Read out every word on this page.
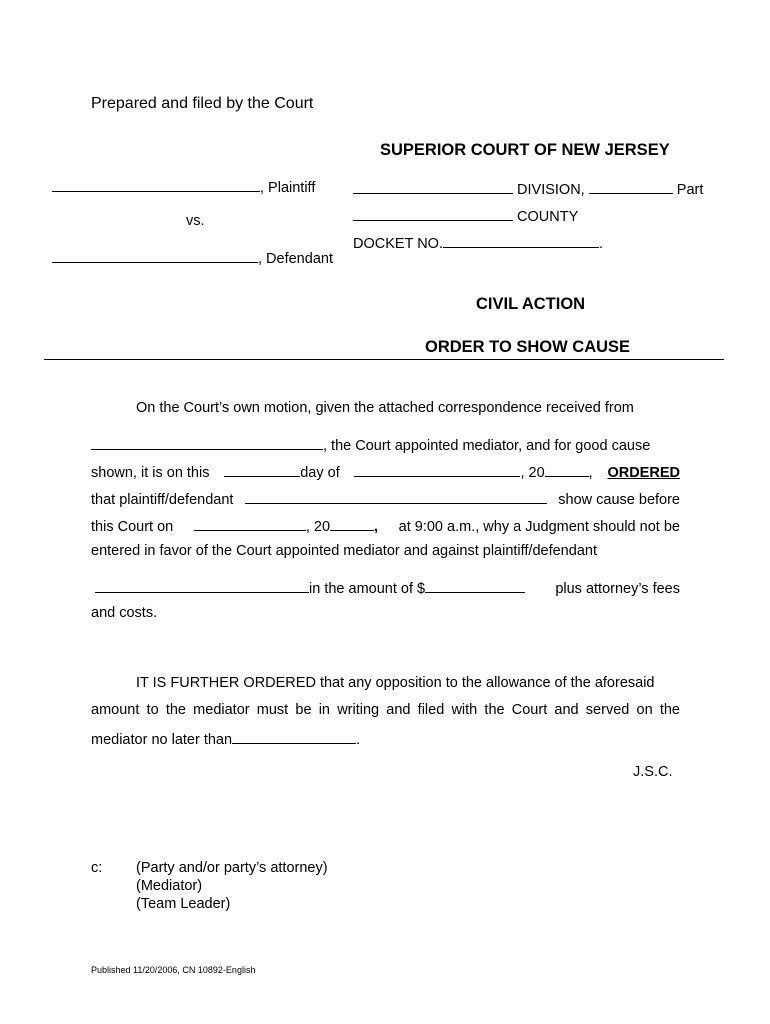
Prepared and filed by the Court
SUPERIOR COURT OF NEW JERSEY
, Plaintiff
vs.
, Defendant
DIVISION,	Part
COUNTY
DOCKET NO.	.
CIVIL ACTION
ORDER TO SHOW CAUSE
On the Court’s own motion, given the attached correspondence received from
, the Court appointed mediator, and for good cause
shown, it is on this	day of	, 20	, ORDERED
that plaintiff/defendant	show cause before
this Court on	, 20	, at 9:00 a.m., why a Judgment should not be
entered in favor of the Court appointed mediator and against plaintiff/defendant
in the amount of $	plus attorney’s fees
and costs.
IT IS FURTHER ORDERED that any opposition to the allowance of the aforesaid
amount to the mediator must be in writing and filed with the Court and served on the
mediator no later than	.
J.S.C.
c: (Party and/or party’s attorney)
(Mediator)
(Team Leader)
Published 11/20/2006, CN 10892-English
